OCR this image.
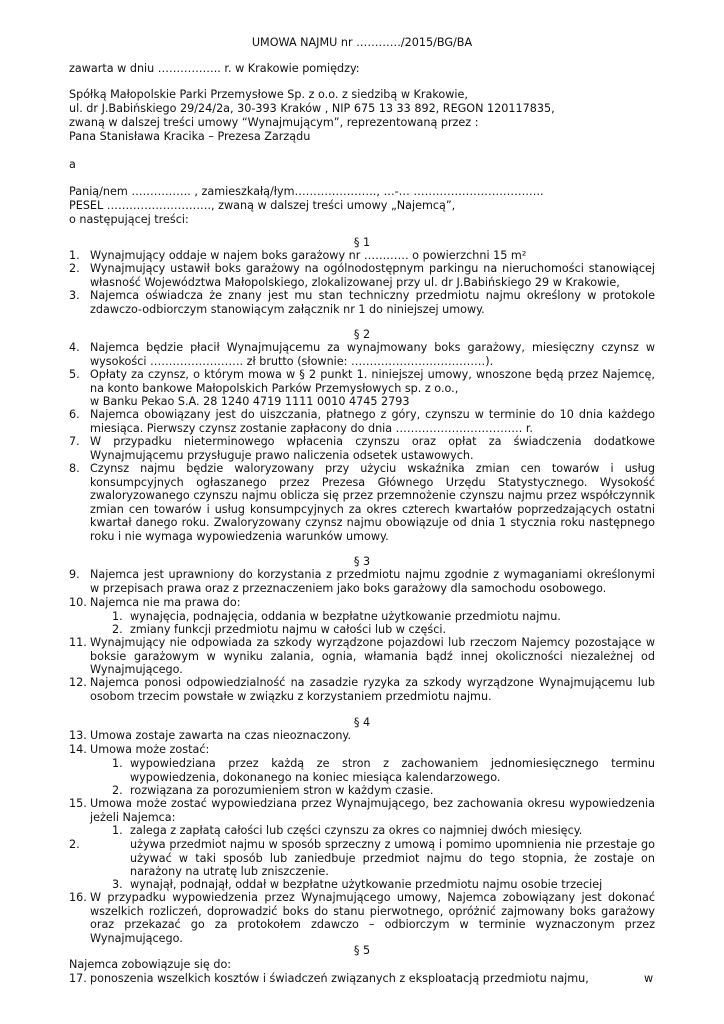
UMOWA NAJMU nr …………/2015/BG/BA
zawarta w dniu …………….. r. w Krakowie pomiędzy:
Spółką Małopolskie Parki Przemysłowe Sp. z o.o. z siedzibą w Krakowie,
ul. dr J.Babińskiego 29/24/2a, 30-393 Kraków , NIP 675 13 33 892, REGON 120117835,
zwaną w dalszej treści umowy “Wynajmującym”, reprezentowaną przez :
Pana Stanisława Kracika – Prezesa Zarządu
a
Panią/nem ……………. , zamieszkałą/łym…………………., …-… ……………………………..
PESEL ………………………., zwaną w dalszej treści umowy „Najemcą”,
o następującej treści:
§ 1
1. Wynajmujący oddaje w najem boks garażowy nr ………… o powierzchni 15 m²
2. Wynajmujący ustawił boks garażowy na ogólnodostępnym parkingu na nieruchomości stanowiącej własność Województwa Małopolskiego, zlokalizowanej przy ul. dr J.Babińskiego 29 w Krakowie,
3. Najemca oświadcza że znany jest mu stan techniczny przedmiotu najmu określony w protokole zdawczo-odbiorczym stanowiącym załącznik nr 1 do niniejszej umowy.
§ 2
4. Najemca będzie płacił Wynajmującemu za wynajmowany boks garażowy, miesięczny czynsz w wysokości ……………………. zł brutto (słownie: ………………………………).
5. Opłaty za czynsz, o którym mowa w § 2 punkt 1. niniejszej umowy, wnoszone będą przez Najemcę, na konto bankowe Małopolskich Parków Przemysłowych sp. z o.o.,
w Banku Pekao S.A. 28 1240 4719 1111 0010 4745 2793
6. Najemca obowiązany jest do uiszczania, płatnego z góry, czynszu w terminie do 10 dnia każdego miesiąca. Pierwszy czynsz zostanie zapłacony do dnia ……………………………. r.
7. W przypadku nieterminowego wpłacenia czynszu oraz opłat za świadczenia dodatkowe Wynajmującemu przysługuje prawo naliczenia odsetek ustawowych.
8. Czynsz najmu będzie waloryzowany przy użyciu wskaźnika zmian cen towarów i usług konsumpcyjnych ogłaszanego przez Prezesa Głównego Urzędu Statystycznego. Wysokość zwaloryzowanego czynszu najmu oblicza się przez przemnożenie czynszu najmu przez współczynnik zmian cen towarów i usług konsumpcyjnych za okres czterech kwartałów poprzedzających ostatni kwartał danego roku. Zwaloryzowany czynsz najmu obowiązuje od dnia 1 stycznia roku następnego roku i nie wymaga wypowiedzenia warunków umowy.
§ 3
9. Najemca jest uprawniony do korzystania z przedmiotu najmu zgodnie z wymaganiami określonymi w przepisach prawa oraz z przeznaczeniem jako boks garażowy dla samochodu osobowego.
10. Najemca nie ma prawa do:
1. wynajęcia, podnajęcia, oddania w bezpłatne użytkowanie przedmiotu najmu.
2. zmiany funkcji przedmiotu najmu w całości lub w części.
11. Wynajmujący nie odpowiada za szkody wyrządzone pojazdowi lub rzeczom Najemcy pozostające w boksie garażowym w wyniku zalania, ognia, włamania bądź innej okoliczności niezależnej od Wynajmującego.
12. Najemca ponosi odpowiedzialność na zasadzie ryzyka za szkody wyrządzone Wynajmującemu lub osobom trzecim powstałe w związku z korzystaniem przedmiotu najmu.
§ 4
13. Umowa zostaje zawarta na czas nieoznaczony.
14. Umowa może zostać:
1. wypowiedziana przez każdą ze stron z zachowaniem jednomiesięcznego terminu wypowiedzenia, dokonanego na koniec miesiąca kalendarzowego.
2. rozwiązana za porozumieniem stron w każdym czasie.
15. Umowa może zostać wypowiedziana przez Wynajmującego, bez zachowania okresu wypowiedzenia jeżeli Najemca:
1. zalega z zapłatą całości lub części czynszu za okres co najmniej dwóch miesięcy.
2.	używa przedmiot najmu w sposób sprzeczny z umową i pomimo upomnienia nie przestaje go używać w taki sposób lub zaniedbuje przedmiot najmu do tego stopnia, że zostaje on narażony na utratę lub zniszczenie.
3. wynajął, podnajął, oddał w bezpłatne użytkowanie przedmiotu najmu osobie trzeciej
16. W przypadku wypowiedzenia przez Wynajmującego umowy, Najemca zobowiązany jest dokonać wszelkich rozliczeń, doprowadzić boks do stanu pierwotnego, opróżnić zajmowany boks garażowy oraz przekazać go za protokołem zdawczo – odbiorczym w terminie wyznaczonym przez Wynajmującego.
§ 5
Najemca zobowiązuje się do:
17. ponoszenia wszelkich kosztów i świadczeń związanych z eksploatacją przedmiotu najmu,	w
